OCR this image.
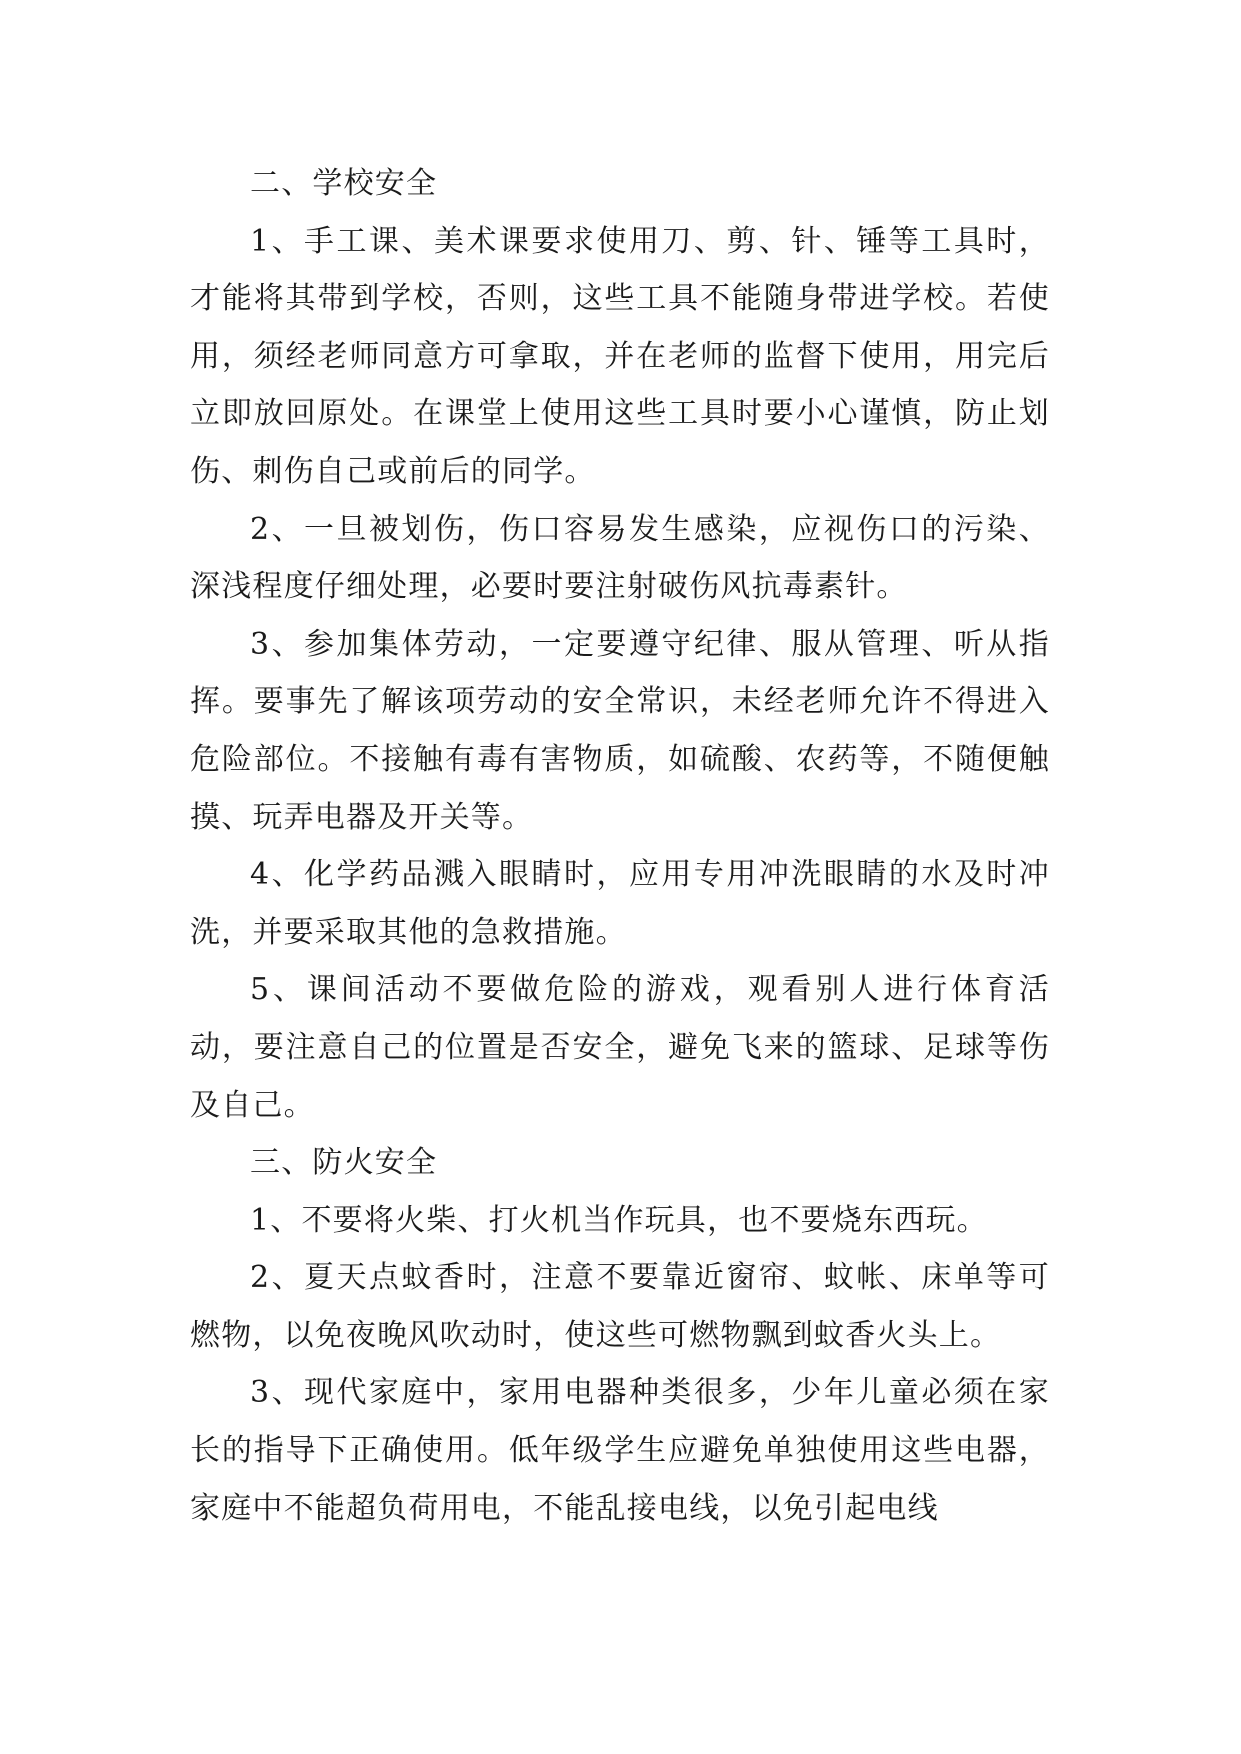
二、学校安全

1、手工课、美术课要求使用刀、剪、针、锤等工具时，才能将其带到学校，否则，这些工具不能随身带进学校。若使用，须经老师同意方可拿取，并在老师的监督下使用，用完后立即放回原处。在课堂上使用这些工具时要小心谨慎，防止划伤、刺伤自己或前后的同学。

2、一旦被划伤，伤口容易发生感染，应视伤口的污染、深浅程度仔细处理，必要时要注射破伤风抗毒素针。

3、参加集体劳动，一定要遵守纪律、服从管理、听从指挥。要事先了解该项劳动的安全常识，未经老师允许不得进入危险部位。不接触有毒有害物质，如硫酸、农药等，不随便触摸、玩弄电器及开关等。

4、化学药品溅入眼睛时，应用专用冲洗眼睛的水及时冲洗，并要采取其他的急救措施。

5、课间活动不要做危险的游戏，观看别人进行体育活动，要注意自己的位置是否安全，避免飞来的篮球、足球等伤及自己。

三、防火安全

1、不要将火柴、打火机当作玩具，也不要烧东西玩。

2、夏天点蚊香时，注意不要靠近窗帘、蚊帐、床单等可燃物，以免夜晚风吹动时，使这些可燃物飘到蚊香火头上。

3、现代家庭中，家用电器种类很多，少年儿童必须在家长的指导下正确使用。低年级学生应避免单独使用这些电器，家庭中不能超负荷用电，不能乱接电线，以免引起电线
